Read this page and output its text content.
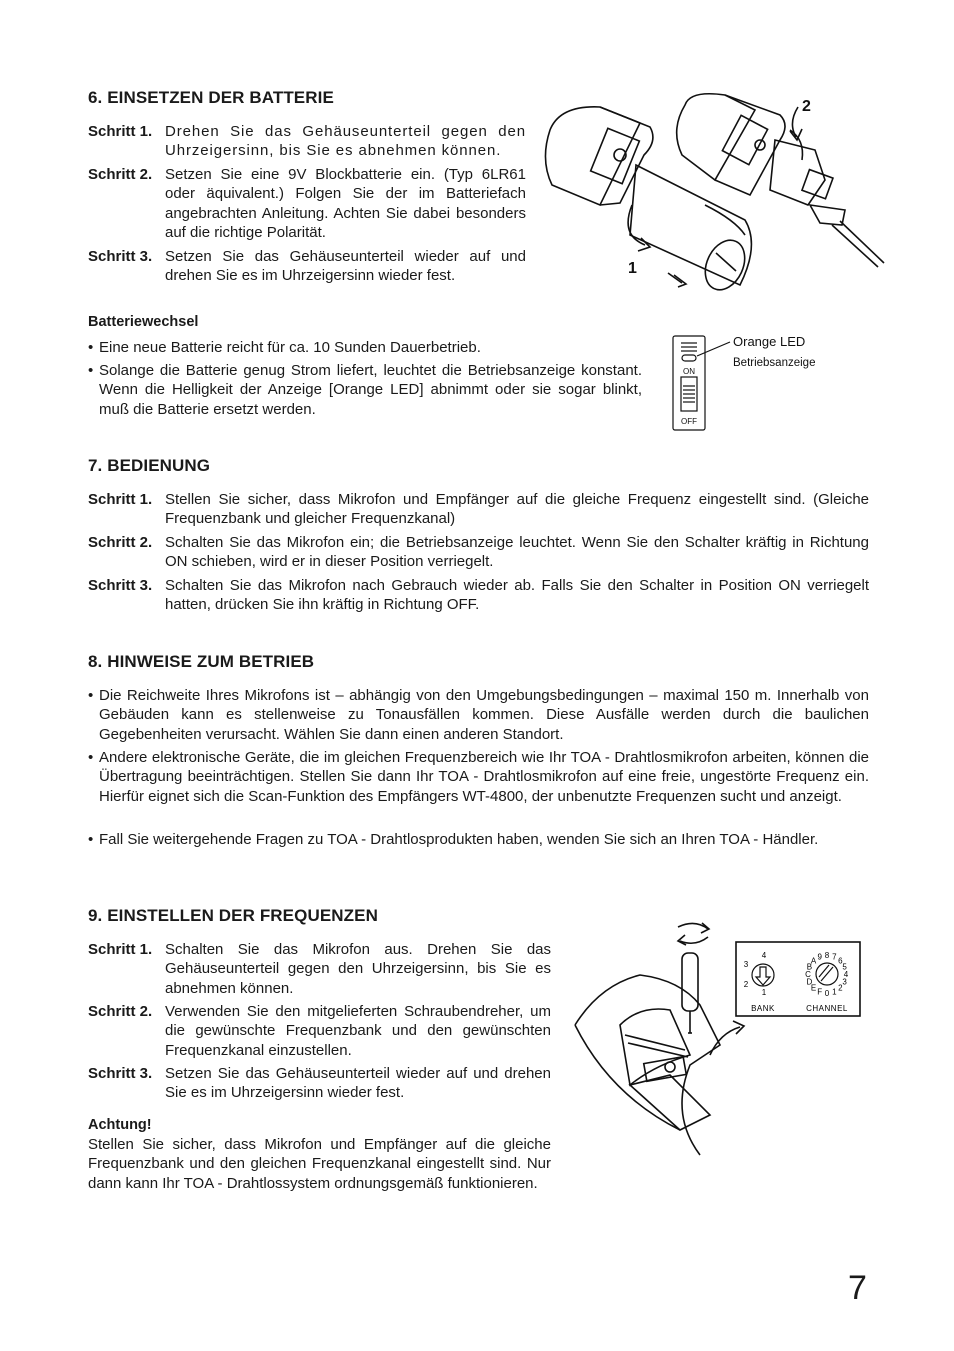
6. EINSETZEN DER BATTERIE
Schritt 1. Drehen Sie das Gehäuseunterteil gegen den Uhrzeigersinn, bis Sie es abnehmen können.
Schritt 2. Setzen Sie eine 9V Blockbatterie ein. (Typ 6LR61 oder äquivalent.) Folgen Sie der im Batteriefach angebrachten Anleitung. Achten Sie dabei besonders auf die richtige Polarität.
Schritt 3. Setzen Sie das Gehäuseunterteil wieder auf und drehen Sie es im Uhrzeigersinn wieder fest.
2
1
Batteriewechsel
• Eine neue Batterie reicht für ca. 10 Sunden Dauerbetrieb.
• Solange die Batterie genug Strom liefert, leuchtet die Betriebsanzeige konstant. Wenn die Helligkeit der Anzeige [Orange LED] abnimmt oder sie sogar blinkt, muß die Batterie ersetzt werden.
ON
OFF
Orange LED
Betriebsanzeige
7. BEDIENUNG
Schritt 1. Stellen Sie sicher, dass Mikrofon und Empfänger auf die gleiche Frequenz eingestellt sind. (Gleiche Frequenzbank und gleicher Frequenzkanal)
Schritt 2. Schalten Sie das Mikrofon ein; die Betriebsanzeige leuchtet. Wenn Sie den Schalter kräftig in Richtung ON schieben, wird er in dieser Position verriegelt.
Schritt 3. Schalten Sie das Mikrofon nach Gebrauch wieder ab. Falls Sie den Schalter in Position ON verriegelt hatten, drücken Sie ihn kräftig in Richtung OFF.
8. HINWEISE ZUM BETRIEB
• Die Reichweite Ihres Mikrofons ist – abhängig von den Umgebungsbedingungen – maximal 150 m. Innerhalb von Gebäuden kann es stellenweise zu Tonausfällen kommen. Diese Ausfälle werden durch die baulichen Gegebenheiten verursacht. Wählen Sie dann einen anderen Standort.
• Andere elektronische Geräte, die im gleichen Frequenzbereich wie Ihr TOA - Drahtlosmikrofon arbeiten, können die Übertragung beeinträchtigen. Stellen Sie dann Ihr TOA - Drahtlosmikrofon auf eine freie, ungestörte Frequenz ein. Hierfür eignet sich die Scan-Funktion des Empfängers WT-4800, der unbenutzte Frequenzen sucht und anzeigt.
• Fall Sie weitergehende Fragen zu TOA - Drahtlosprodukten haben, wenden Sie sich an Ihren TOA - Händler.
9. EINSTELLEN DER FREQUENZEN
Schritt 1. Schalten Sie das Mikrofon aus. Drehen Sie das Gehäuseunterteil gegen den Uhrzeigersinn, bis Sie es abnehmen können.
Schritt 2. Verwenden Sie den mitgelieferten Schraubendreher, um die gewünschte Frequenzbank und den gewünschten Frequenzkanal einzustellen.
Schritt 3. Setzen Sie das Gehäuseunterteil wieder auf und drehen Sie es im Uhrzeigersinn wieder fest.
Achtung!
Stellen Sie sicher, dass Mikrofon und Empfänger auf die gleiche Frequenzbank und den gleichen Frequenzkanal eingestellt sind. Nur dann kann Ihr TOA - Drahtlossystem ordnungsgemäß funktionieren.
4
3
2
1
BANK	CHANNEL
0 1 2
3
4
5
6
7
8
9
A
B
C
D
E F
7
